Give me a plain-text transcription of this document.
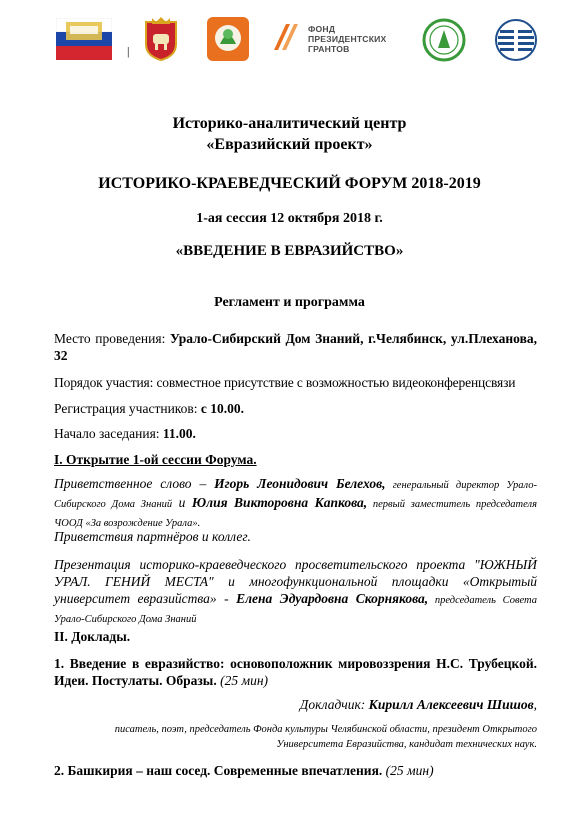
|
ФОНД
ПРЕЗИДЕНТСКИХ
ГРАНТОВ
Историко-аналитический центр
«Евразийский проект»
ИСТОРИКО-КРАЕВЕДЧЕСКИЙ ФОРУМ 2018-2019
1-ая сессия 12 октября 2018 г.
«ВВЕДЕНИЕ В ЕВРАЗИЙСТВО»
Регламент и программа
Место проведения: Урало-Сибирский Дом Знаний, г.Челябинск, ул.Плеханова, 32
Порядок участия: совместное присутствие с возможностью видеоконференцсвязи
Регистрация участников: с 10.00.
Начало заседания: 11.00.
I. Открытие 1-ой сессии Форума.
Приветственное слово – Игорь Леонидович Белехов, генеральный директор Урало-Сибирского Дома Знаний и Юлия Викторовна Капкова, первый заместитель председателя ЧООД «За возрождение Урала».
Приветствия партнёров и коллег.
Презентация историко-краеведческого просветительского проекта "ЮЖНЫЙ УРАЛ. ГЕНИЙ МЕСТА" и многофункциональной площадки «Открытый университет евразийства» - Елена Эдуардовна Скорнякова, председатель Совета Урало-Сибирского Дома Знаний
II. Доклады.
1. Введение в евразийство: основоположник мировоззрения Н.С. Трубецкой. Идеи. Постулаты. Образы. (25 мин)
Докладчик: Кирилл Алексеевич Шишов,
писатель, поэт, председатель Фонда культуры Челябинской области, президент Открытого Университета Евразийства, кандидат технических наук.
2. Башкирия – наш сосед. Современные впечатления. (25 мин)
